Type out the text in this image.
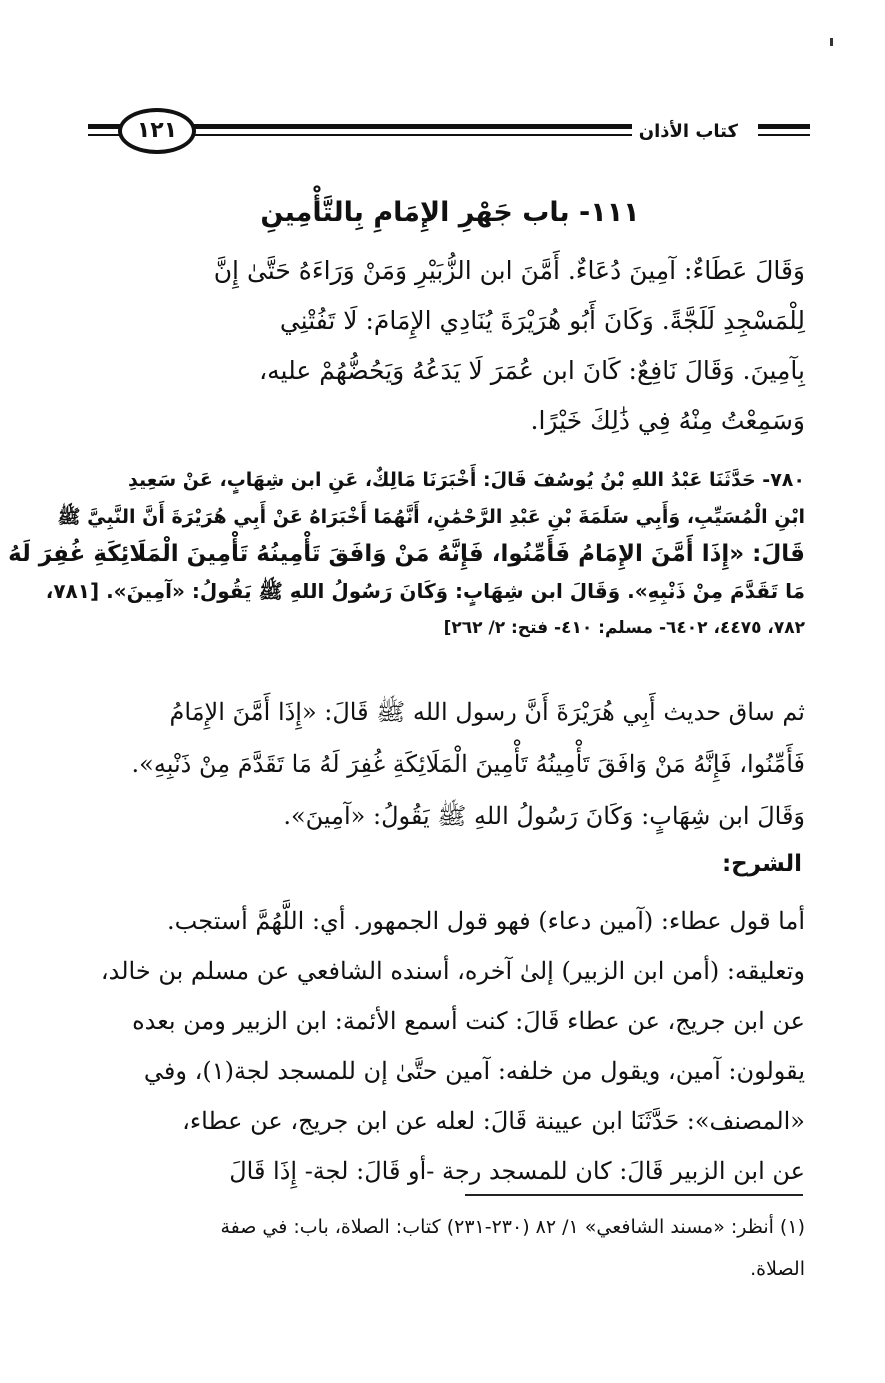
كتاب الأذان
١٢١
١١١- باب جَهْرِ الإِمَامِ بِالتَّأْمِينِ
وَقَالَ عَطَاءٌ: آمِينَ دُعَاءٌ. أَمَّنَ ابن الزُّبَيْرِ وَمَنْ وَرَاءَهُ حَتَّىٰ إِنَّ
لِلْمَسْجِدِ لَلَجَّةً. وَكَانَ أَبُو هُرَيْرَةَ يُنَادِي الإِمَامَ: لَا تَفُتْنِي
بِآمِينَ. وَقَالَ نَافِعٌ: كَانَ ابن عُمَرَ لَا يَدَعُهُ وَيَحُضُّهُمْ عليه،
وَسَمِعْتُ مِنْهُ فِي ذَٰلِكَ خَيْرًا.
٧٨٠- حَدَّثَنَا عَبْدُ اللهِ بْنُ يُوسُفَ قَالَ: أَخْبَرَنَا مَالِكٌ، عَنِ ابن شِهَابٍ، عَنْ سَعِيدِ
ابْنِ الْمُسَيِّبِ، وَأَبِي سَلَمَةَ بْنِ عَبْدِ الرَّحْمَٰنِ، أَنَّهُمَا أَخْبَرَاهُ عَنْ أَبِي هُرَيْرَةَ أَنَّ النَّبِيَّ ﷺ
قَالَ: «إِذَا أَمَّنَ الإِمَامُ فَأَمِّنُوا، فَإِنَّهُ مَنْ وَافَقَ تَأْمِينُهُ تَأْمِينَ الْمَلَائِكَةِ غُفِرَ لَهُ
مَا تَقَدَّمَ مِنْ ذَنْبِهِ». وَقَالَ ابن شِهَابٍ: وَكَانَ رَسُولُ اللهِ ﷺ يَقُولُ: «آمِينَ». [٧٨١،
٧٨٢، ٤٤٧٥، ٦٤٠٢- مسلم: ٤١٠- فتح: ٢/ ٢٦٢]
ثم ساق حديث أَبِي هُرَيْرَةَ أَنَّ رسول الله ﷺ قَالَ: «إِذَا أَمَّنَ الإِمَامُ
فَأَمِّنُوا، فَإِنَّهُ مَنْ وَافَقَ تَأْمِينُهُ تَأْمِينَ الْمَلَائِكَةِ غُفِرَ لَهُ مَا تَقَدَّمَ مِنْ ذَنْبِهِ».
وَقَالَ ابن شِهَابٍ: وَكَانَ رَسُولُ اللهِ ﷺ يَقُولُ: «آمِينَ».
الشرح:
أما قول عطاء: (آمين دعاء) فهو قول الجمهور. أي: اللَّهُمَّ أستجب.
وتعليقه: (أمن ابن الزبير) إلىٰ آخره، أسنده الشافعي عن مسلم بن خالد،
عن ابن جريج، عن عطاء قَالَ: كنت أسمع الأئمة: ابن الزبير ومن بعده
يقولون: آمين، ويقول من خلفه: آمين حتَّىٰ إن للمسجد لجة(١)، وفي
«المصنف»: حَدَّثَنَا ابن عيينة قَالَ: لعله عن ابن جريج، عن عطاء،
عن ابن الزبير قَالَ: كان للمسجد رجة -أو قَالَ: لجة- إِذَا قَالَ
(١) أنظر: «مسند الشافعي» ١/ ٨٢ (٢٣٠-٢٣١) كتاب: الصلاة، باب: في صفة
الصلاة.
